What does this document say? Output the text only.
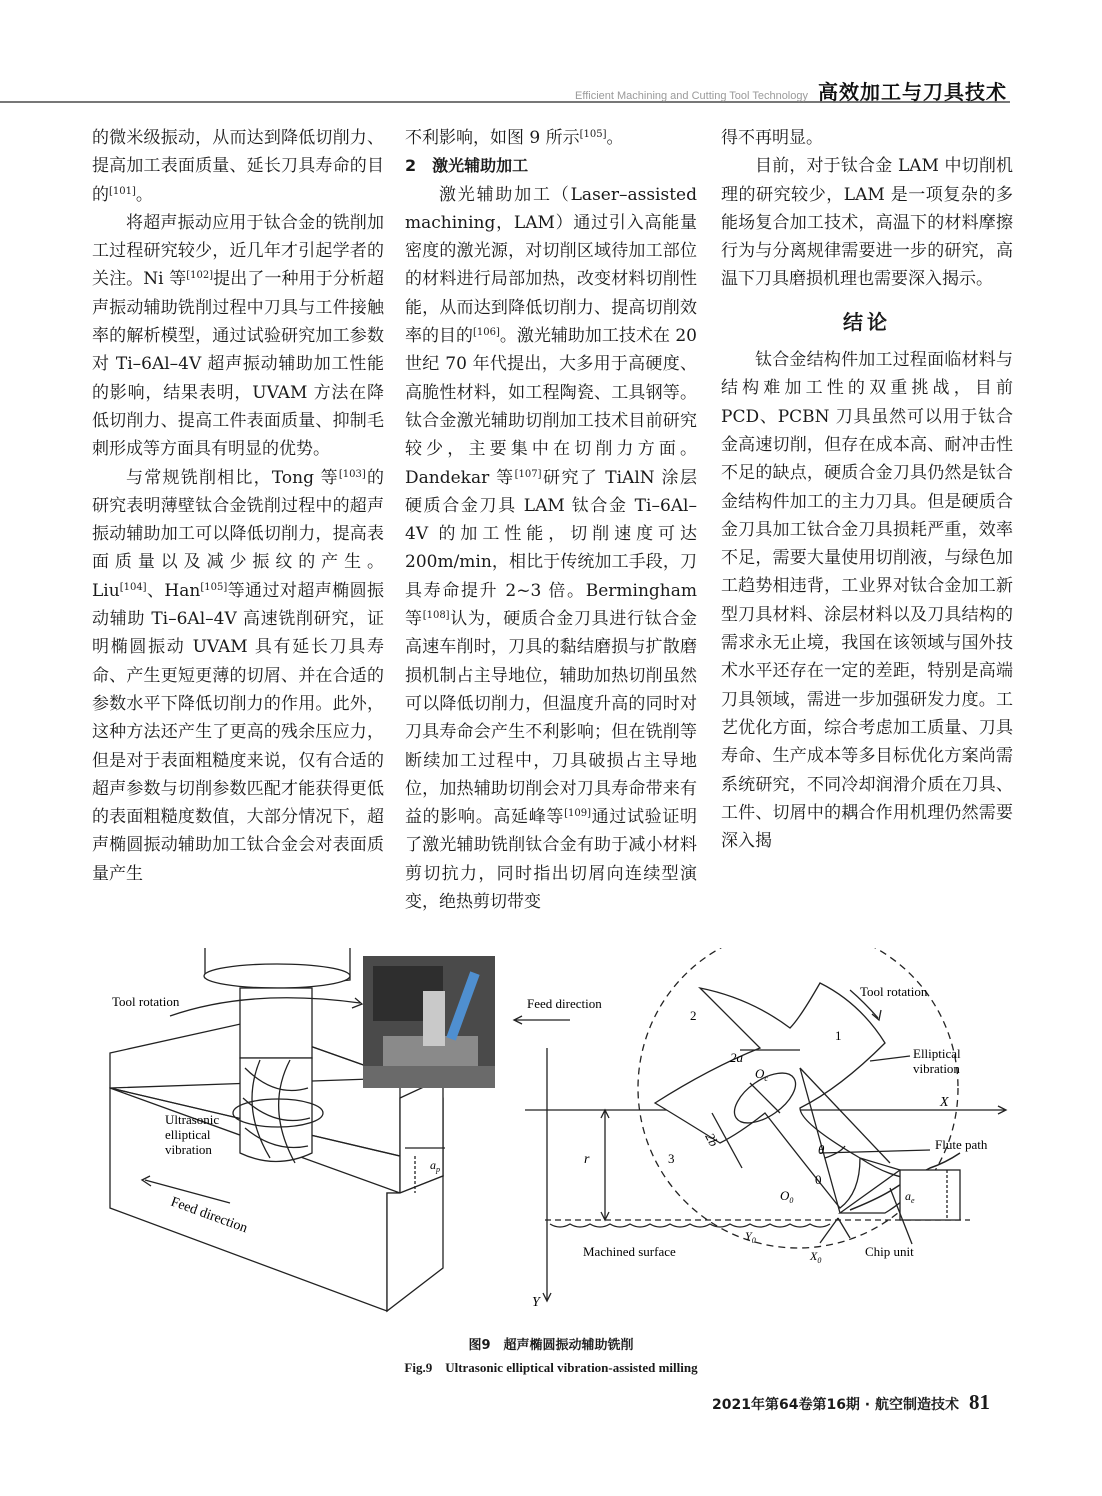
Efficient Machining and Cutting Tool Technology 高效加工与刀具技术

的微米级振动，从而达到降低切削力、提高加工表面质量、延长刀具寿命的目的[101]。

将超声振动应用于钛合金的铣削加工过程研究较少，近几年才引起学者的关注。Ni 等[102]提出了一种用于分析超声振动辅助铣削过程中刀具与工件接触率的解析模型，通过试验研究加工参数对 Ti–6Al–4V 超声振动辅助加工性能的影响，结果表明，UVAM 方法在降低切削力、提高工件表面质量、抑制毛刺形成等方面具有明显的优势。

与常规铣削相比，Tong 等[103]的研究表明薄壁钛合金铣削过程中的超声振动辅助加工可以降低切削力，提高表面质量以及减少振纹的产生。Liu[104]、Han[105]等通过对超声椭圆振动辅助 Ti–6Al–4V 高速铣削研究，证明椭圆振动 UVAM 具有延长刀具寿命、产生更短更薄的切屑、并在合适的参数水平下降低切削力的作用。此外，这种方法还产生了更高的残余压应力，但是对于表面粗糙度来说，仅有合适的超声参数与切削参数匹配才能获得更低的表面粗糙度数值，大部分情况下，超声椭圆振动辅助加工钛合金会对表面质量产生

不利影响，如图 9 所示[105]。

2　激光辅助加工

激光辅助加工（Laser–assisted machining，LAM）通过引入高能量密度的激光源，对切削区域待加工部位的材料进行局部加热，改变材料切削性能，从而达到降低切削力、提高切削效率的目的[106]。激光辅助加工技术在 20 世纪 70 年代提出，大多用于高硬度、高脆性材料，如工程陶瓷、工具钢等。钛合金激光辅助切削加工技术目前研究较少，主要集中在切削力方面。Dandekar 等[107]研究了 TiAlN 涂层硬质合金刀具 LAM 钛合金 Ti–6Al–4V 的加工性能，切削速度可达 200m/min，相比于传统加工手段，刀具寿命提升 2~3 倍。Bermingham 等[108]认为，硬质合金刀具进行钛合金高速车削时，刀具的黏结磨损与扩散磨损机制占主导地位，辅助加热切削虽然可以降低切削力，但温度升高的同时对刀具寿命会产生不利影响；但在铣削等断续加工过程中，刀具破损占主导地位，加热辅助切削会对刀具寿命带来有益的影响。高延峰等[109]通过试验证明了激光辅助铣削钛合金有助于减小材料剪切抗力，同时指出切屑向连续型演变，绝热剪切带变

得不再明显。

目前，对于钛合金 LAM 中切削机理的研究较少，LAM 是一项复杂的多能场复合加工技术，高温下的材料摩擦行为与分离规律需要进一步的研究，高温下刀具磨损机理也需要深入揭示。

结论

钛合金结构件加工过程面临材料与结构难加工性的双重挑战，目前 PCD、PCBN 刀具虽然可以用于钛合金高速切削，但存在成本高、耐冲击性不足的缺点，硬质合金刀具仍然是钛合金结构件加工的主力刀具。但是硬质合金刀具加工钛合金刀具损耗严重，效率不足，需要大量使用切削液，与绿色加工趋势相违背，工业界对钛合金加工新型刀具材料、涂层材料以及刀具结构的需求永无止境，我国在该领域与国外技术水平还存在一定的差距，特别是高端刀具领域，需进一步加强研发力度。工艺优化方面，综合考虑加工质量、刀具寿命、生产成本等多目标优化方案尚需系统研究，不同冷却润滑介质在刀具、工件、切屑中的耦合作用机理仍然需要深入揭

Tool rotation
Ultrasonic
elliptical
vibration
$a_p$
Feed direction
Feed direction
Tool rotation
Elliptical
vibration
X
Y
Flute path
r
1
2
3
0
2a
2b
$O_c$
θ
$O_0$	$a_e$
$Y_0$
$X_0$
Machined surface	Chip unit
图9　超声椭圆振动辅助铣削
Fig.9　Ultrasonic elliptical vibration-assisted milling
2021年第64卷第16期 · 航空制造技术 81
